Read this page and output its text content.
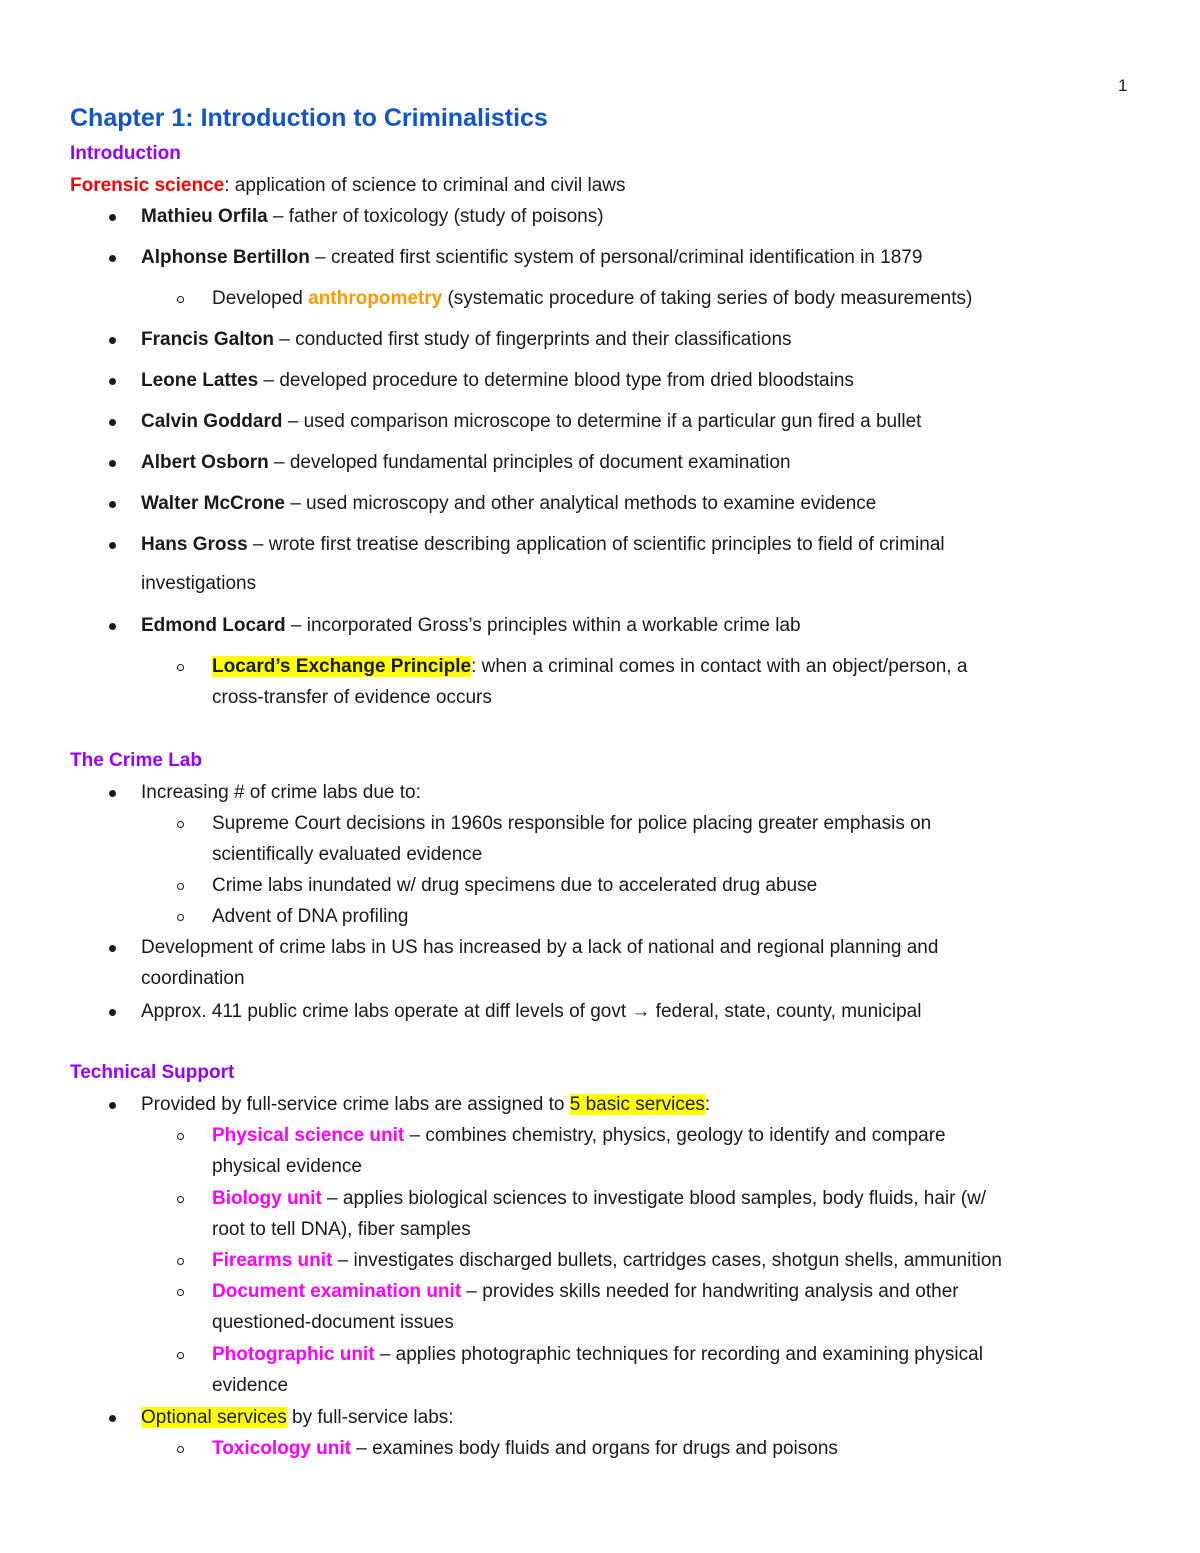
1
Chapter 1: Introduction to Criminalistics
Introduction
Forensic science: application of science to criminal and civil laws
Mathieu Orfila – father of toxicology (study of poisons)
Alphonse Bertillon – created first scientific system of personal/criminal identification in 1879
Developed anthropometry (systematic procedure of taking series of body measurements)
Francis Galton – conducted first study of fingerprints and their classifications
Leone Lattes – developed procedure to determine blood type from dried bloodstains
Calvin Goddard – used comparison microscope to determine if a particular gun fired a bullet
Albert Osborn – developed fundamental principles of document examination
Walter McCrone – used microscopy and other analytical methods to examine evidence
Hans Gross – wrote first treatise describing application of scientific principles to field of criminal
investigations
Edmond Locard – incorporated Gross’s principles within a workable crime lab
Locard’s Exchange Principle: when a criminal comes in contact with an object/person, a
cross-transfer of evidence occurs
The Crime Lab
Increasing # of crime labs due to:
Supreme Court decisions in 1960s responsible for police placing greater emphasis on
scientifically evaluated evidence
Crime labs inundated w/ drug specimens due to accelerated drug abuse
Advent of DNA profiling
Development of crime labs in US has increased by a lack of national and regional planning and
coordination
Approx. 411 public crime labs operate at diff levels of govt → federal, state, county, municipal
Technical Support
Provided by full-service crime labs are assigned to 5 basic services:
Physical science unit – combines chemistry, physics, geology to identify and compare
physical evidence
Biology unit – applies biological sciences to investigate blood samples, body fluids, hair (w/
root to tell DNA), fiber samples
Firearms unit – investigates discharged bullets, cartridges cases, shotgun shells, ammunition
Document examination unit – provides skills needed for handwriting analysis and other
questioned-document issues
Photographic unit – applies photographic techniques for recording and examining physical
evidence
Optional services by full-service labs:
Toxicology unit – examines body fluids and organs for drugs and poisons
